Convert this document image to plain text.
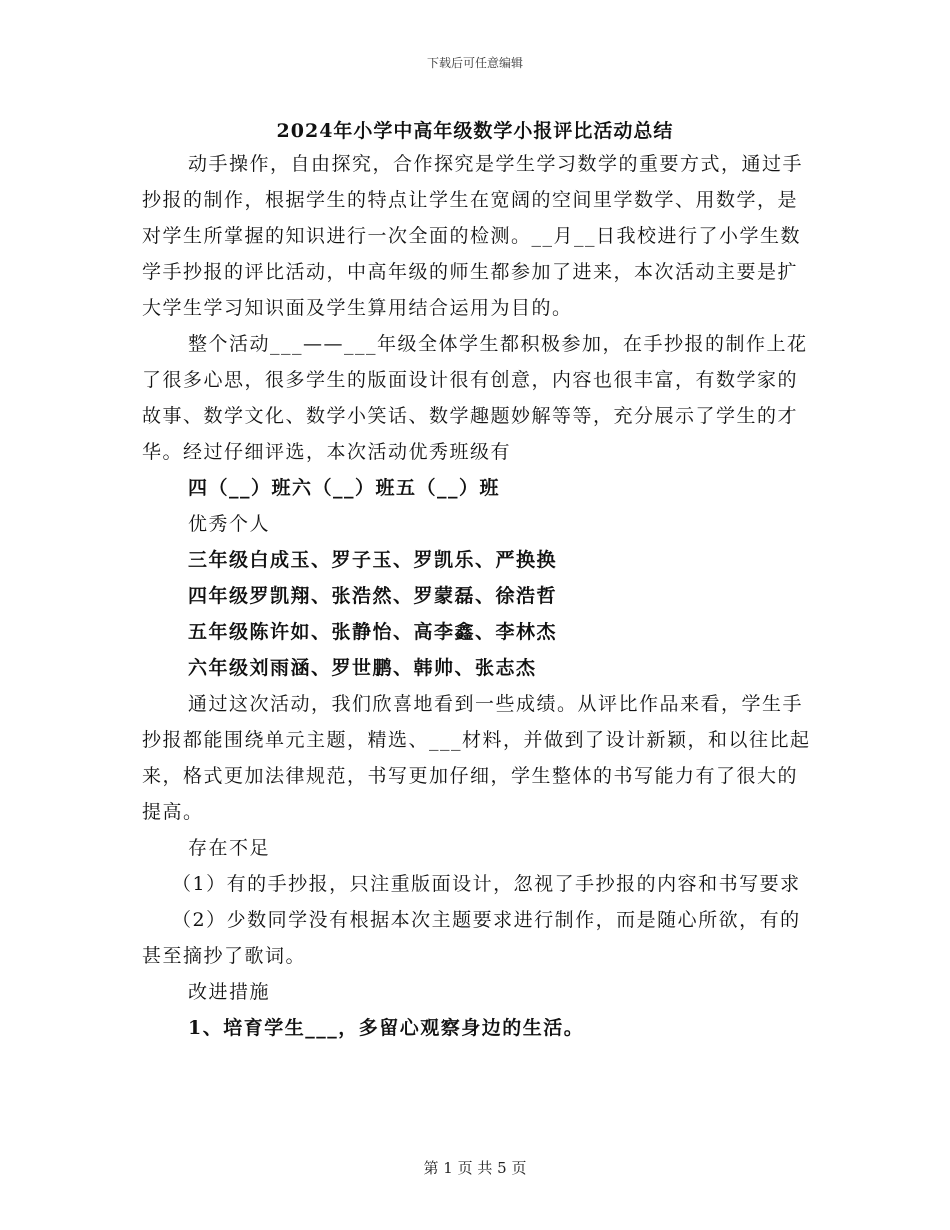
下载后可任意编辑
2024年小学中高年级数学小报评比活动总结

动手操作，自由探究，合作探究是学生学习数学的重要方式，通过手抄报的制作，根据学生的特点让学生在宽阔的空间里学数学、用数学，是对学生所掌握的知识进行一次全面的检测。__月__日我校进行了小学生数学手抄报的评比活动，中高年级的师生都参加了进来，本次活动主要是扩大学生学习知识面及学生算用结合运用为目的。

整个活动___——___年级全体学生都积极参加，在手抄报的制作上花了很多心思，很多学生的版面设计很有创意，内容也很丰富，有数学家的故事、数学文化、数学小笑话、数学趣题妙解等等，充分展示了学生的才华。经过仔细评选，本次活动优秀班级有

四（__）班六（__）班五（__）班

优秀个人

三年级白成玉、罗子玉、罗凯乐、严换换

四年级罗凯翔、张浩然、罗蒙磊、徐浩哲

五年级陈许如、张静怡、高李鑫、李林杰

六年级刘雨涵、罗世鹏、韩帅、张志杰

通过这次活动，我们欣喜地看到一些成绩。从评比作品来看，学生手抄报都能围绕单元主题，精选、___材料，并做到了设计新颖，和以往比起来，格式更加法律规范，书写更加仔细，学生整体的书写能力有了很大的提高。

存在不足

（1）有的手抄报，只注重版面设计，忽视了手抄报的内容和书写要求

（2）少数同学没有根据本次主题要求进行制作，而是随心所欲，有的甚至摘抄了歌词。

改进措施

1、培育学生___，多留心观察身边的生活。

第 1 页 共 5 页
